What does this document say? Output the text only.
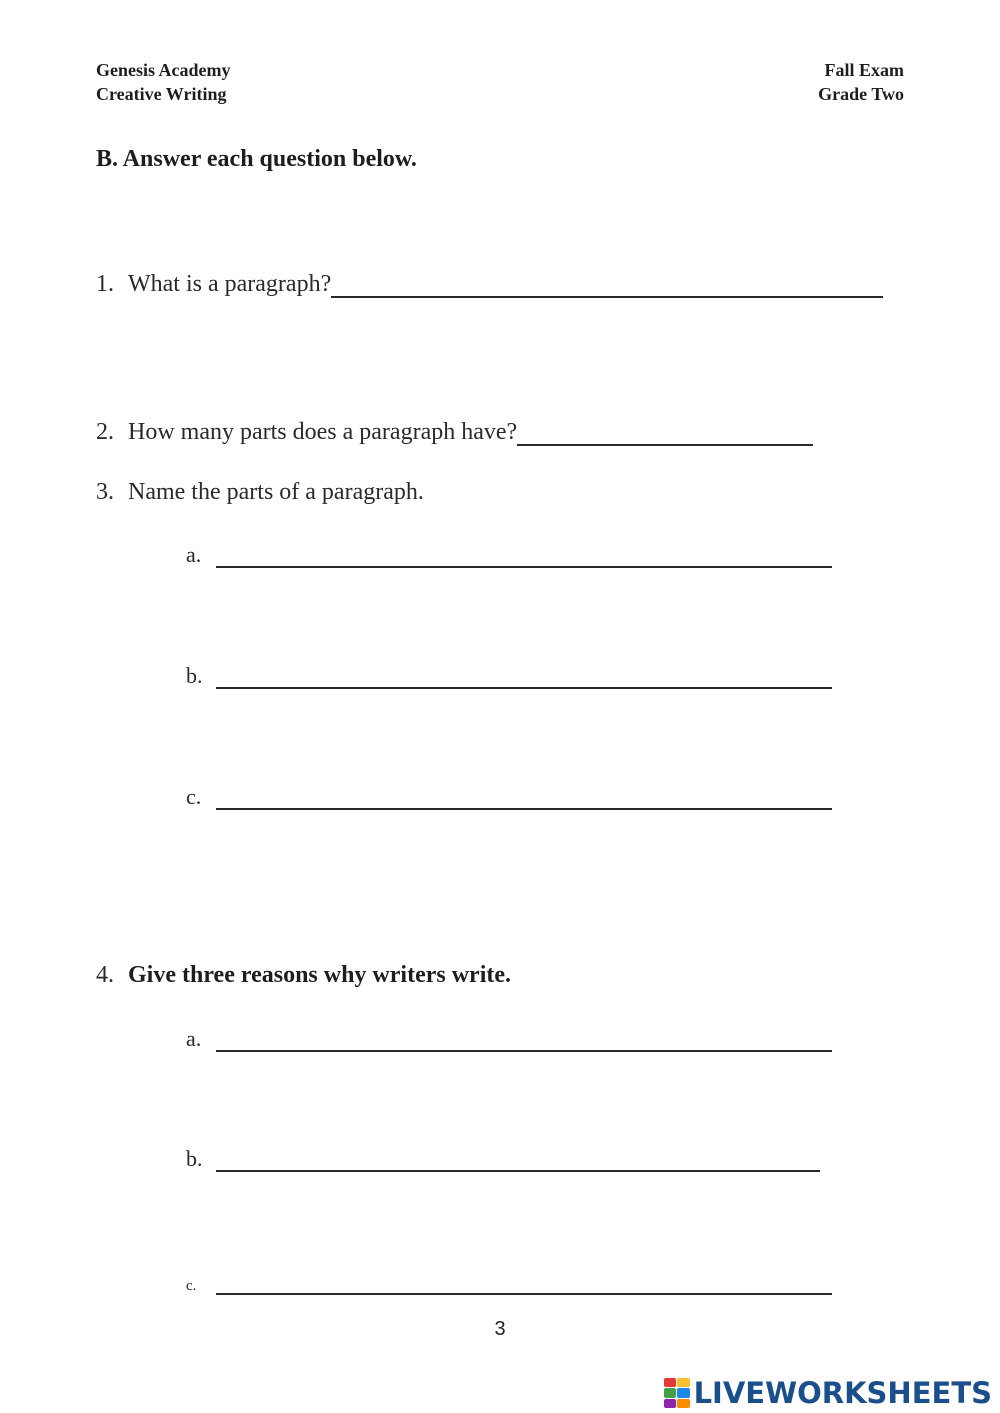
Genesis Academy
Creative Writing
Fall Exam
Grade Two
B. Answer each question below.
1. What is a paragraph?
2. How many parts does a paragraph have?
3. Name the parts of a paragraph.
a.
b.
c.
4. Give three reasons why writers write.
a.
b.
c.
3
LIVEWORKSHEETS
